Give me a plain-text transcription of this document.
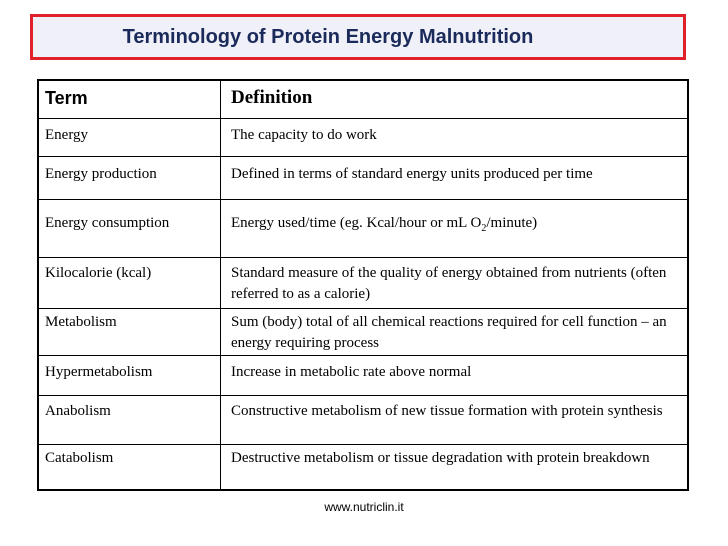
Terminology of Protein Energy Malnutrition
Term	Definition
Energy	The capacity to do work
Energy production	Defined in terms of standard energy units produced per time
Energy consumption	Energy used/time (eg. Kcal/hour or mL $O_2/minute$)
Kilocalorie (kcal)	Standard measure of the quality of energy obtained from nutrients (often referred to as a calorie)
Metabolism	Sum (body) total of all chemical reactions required for cell function – an energy requiring process
Hypermetabolism	Increase in metabolic rate above normal
Anabolism	Constructive metabolism of new tissue formation with protein synthesis
Catabolism	Destructive metabolism or tissue degradation with protein breakdown
www.nutriclin.it
